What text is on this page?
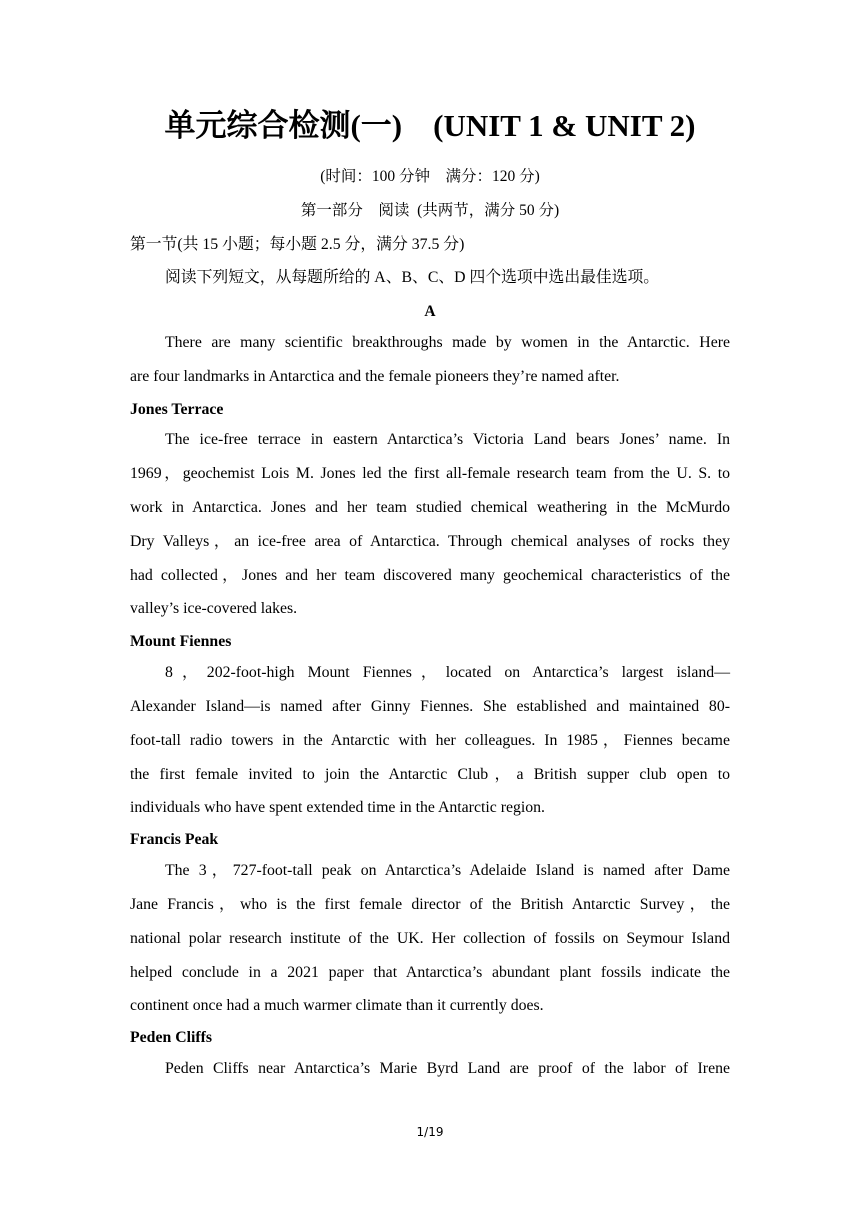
单元综合检测(一)    (UNIT 1 & UNIT 2)
(时间：100 分钟    满分：120 分)
第一部分    阅读  (共两节，满分 50 分)
第一节(共 15 小题；每小题 2.5 分，满分 37.5 分)
阅读下列短文，从每题所给的 A、B、C、D 四个选项中选出最佳选项。
A
There are many scientific breakthroughs made by women in the Antarctic. Here
are four landmarks in Antarctica and the female pioneers they’re named after.
Jones Terrace
The ice-free terrace in eastern Antarctica’s Victoria Land bears Jones’ name. In
1969，geochemist Lois M. Jones led the first all-female research team from the U. S. to
work in Antarctica. Jones and her team studied chemical weathering in the McMurdo
Dry Valleys，an ice-free area of Antarctica. Through chemical analyses of rocks they
had collected，Jones and her team discovered many geochemical characteristics of the
valley’s ice-covered lakes.
Mount Fiennes
8，202-foot-high Mount Fiennes，located on Antarctica’s largest island—
Alexander Island—is named after Ginny Fiennes. She established and maintained 80-
foot-tall radio towers in the Antarctic with her colleagues. In 1985，Fiennes became
the first female invited to join the Antarctic Club，a British supper club open to
individuals who have spent extended time in the Antarctic region.
Francis Peak
The 3，727-foot-tall peak on Antarctica’s Adelaide Island is named after Dame
Jane Francis，who is the first female director of the British Antarctic Survey，the
national polar research institute of the UK. Her collection of fossils on Seymour Island
helped conclude in a 2021 paper that Antarctica’s abundant plant fossils indicate the
continent once had a much warmer climate than it currently does.
Peden Cliffs
Peden Cliffs near Antarctica’s Marie Byrd Land are proof of the labor of Irene
1/19
